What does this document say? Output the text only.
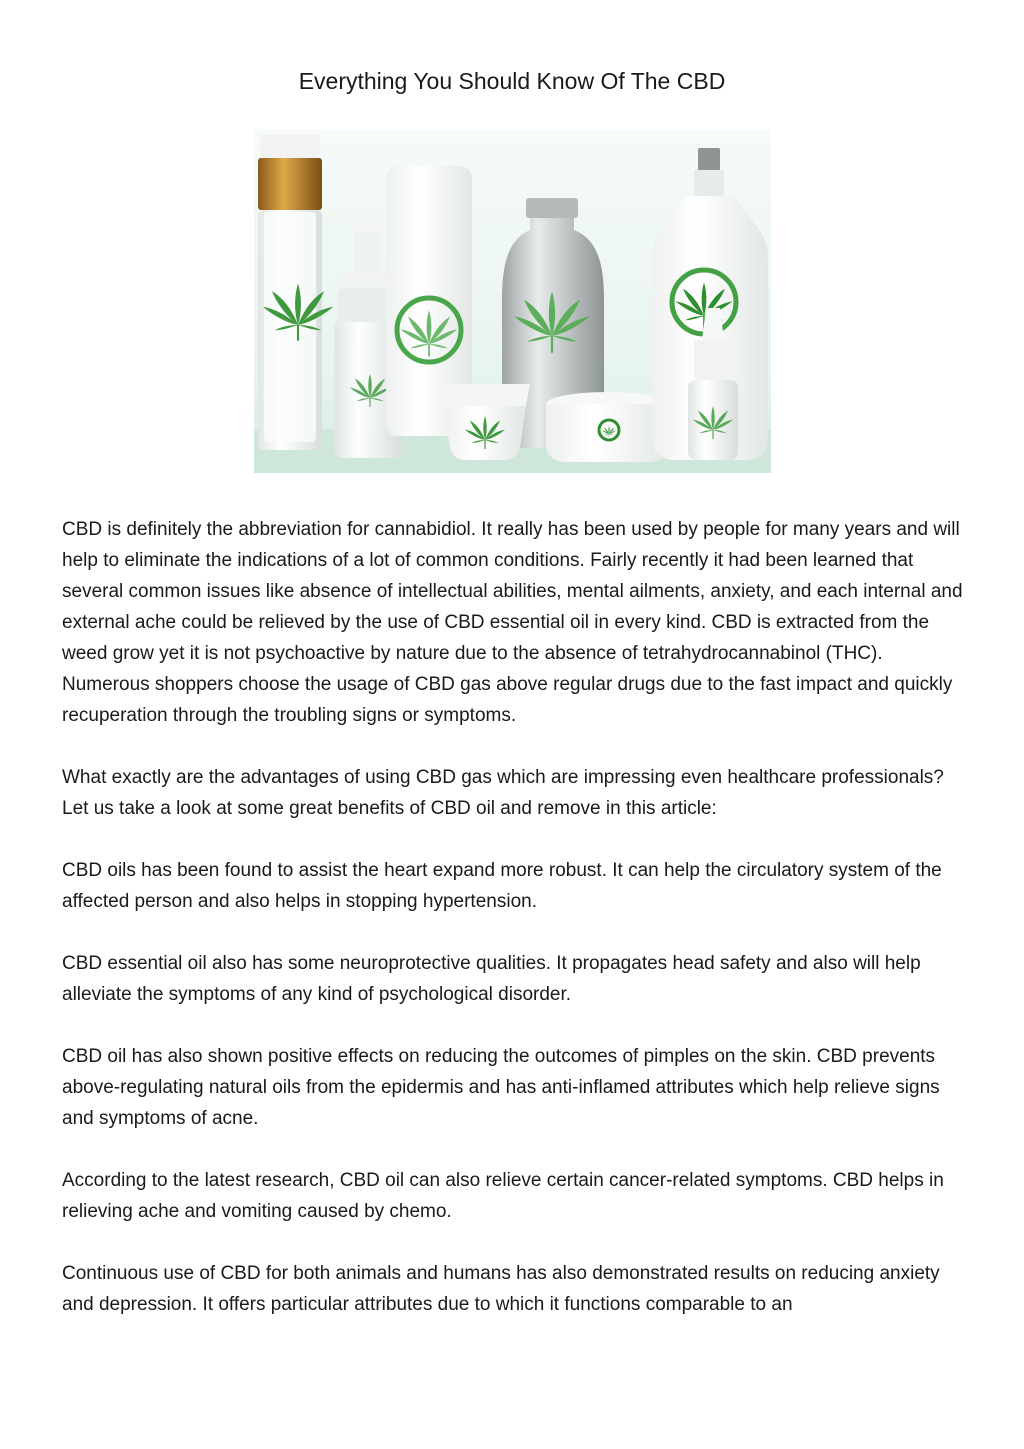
Everything You Should Know Of The CBD

CBD is definitely the abbreviation for cannabidiol. It really has been used by people for many years and will help to eliminate the indications of a lot of common conditions. Fairly recently it had been learned that several common issues like absence of intellectual abilities, mental ailments, anxiety, and each internal and external ache could be relieved by the use of CBD essential oil in every kind. CBD is extracted from the weed grow yet it is not psychoactive by nature due to the absence of tetrahydrocannabinol (THC). Numerous shoppers choose the usage of CBD gas above regular drugs due to the fast impact and quickly recuperation through the troubling signs or symptoms.

What exactly are the advantages of using CBD gas which are impressing even healthcare professionals? Let us take a look at some great benefits of CBD oil and remove in this article:

CBD oils has been found to assist the heart expand more robust. It can help the circulatory system of the affected person and also helps in stopping hypertension.

CBD essential oil also has some neuroprotective qualities. It propagates head safety and also will help alleviate the symptoms of any kind of psychological disorder.

CBD oil has also shown positive effects on reducing the outcomes of pimples on the skin. CBD prevents above-regulating natural oils from the epidermis and has anti-inflamed attributes which help relieve signs and symptoms of acne.

According to the latest research, CBD oil can also relieve certain cancer-related symptoms. CBD helps in relieving ache and vomiting caused by chemo.

Continuous use of CBD for both animals and humans has also demonstrated results on reducing anxiety and depression. It offers particular attributes due to which it functions comparable to an
